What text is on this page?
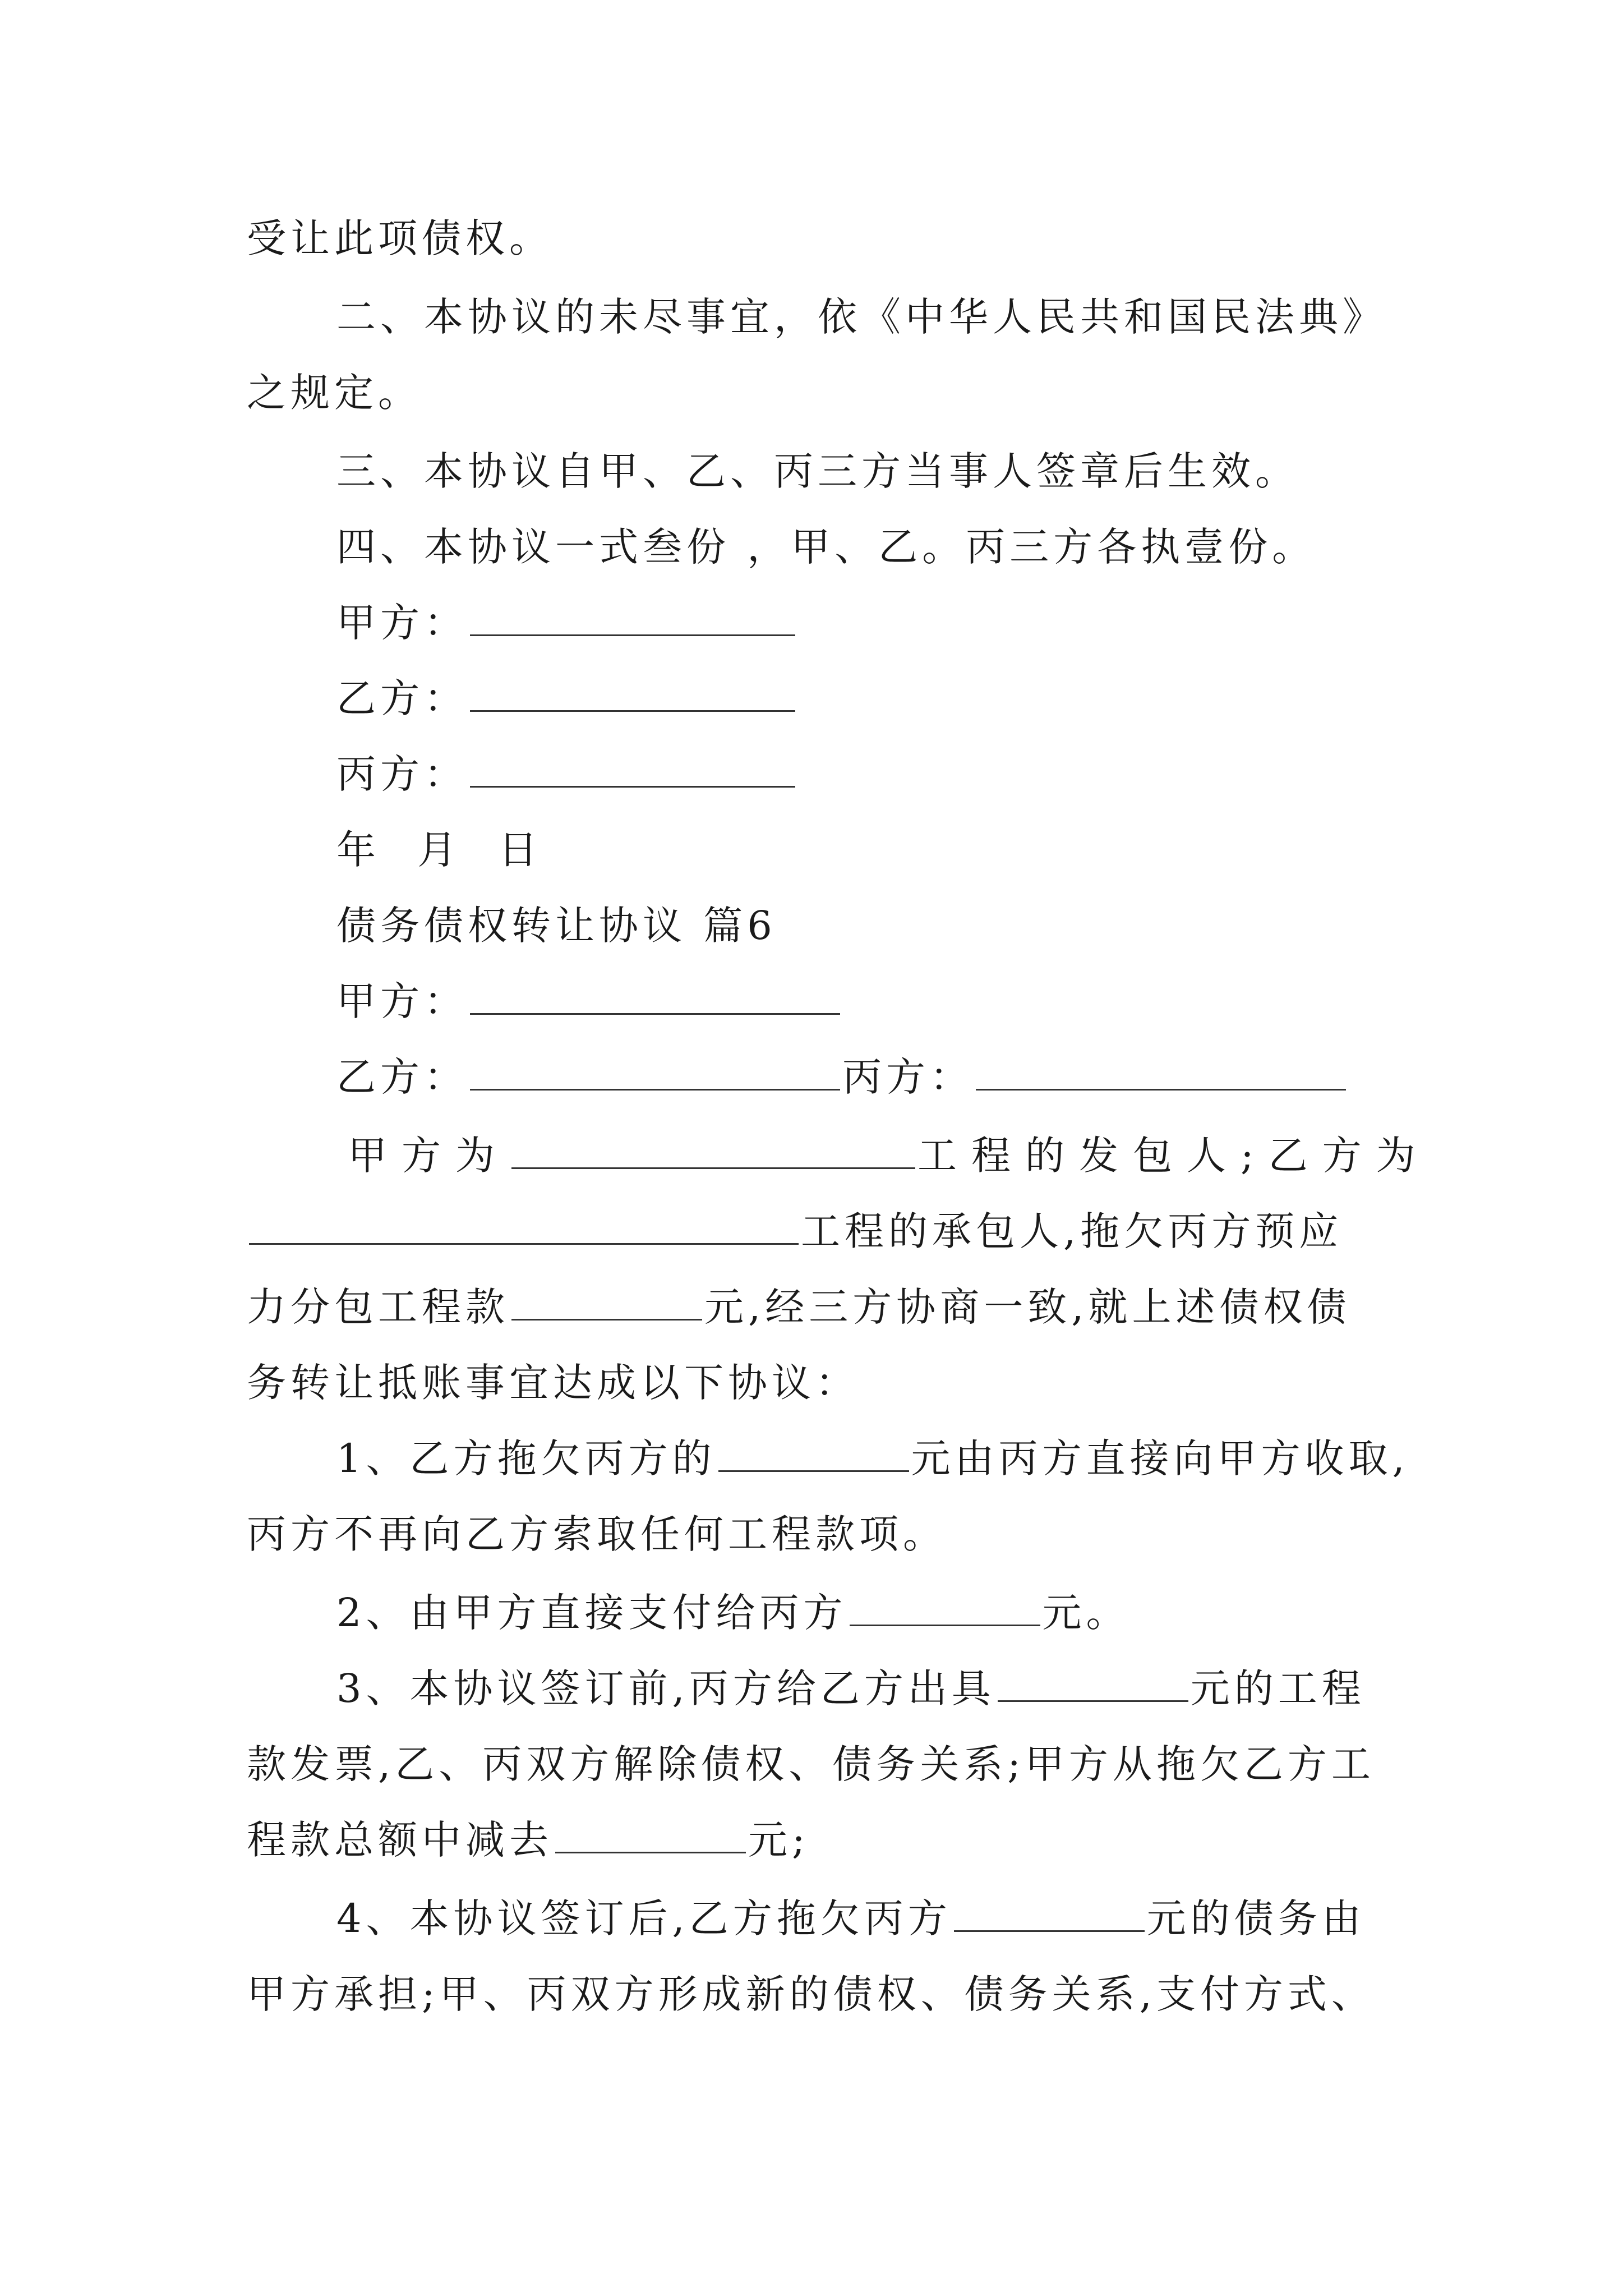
受让此项债权。
二、本协议的未尽事宜，依《中华人民共和国民法典》
之规定。
三、本协议自甲、乙、丙三方当事人签章后生效。
四、本协议一式叁份 ，甲、乙。丙三方各执壹份。
甲方：
乙方：
丙方：
年 月 日
债务债权转让协议 篇6
甲方：
乙方：	丙方：
甲方为	工程的发包人;乙方为
工程的承包人,拖欠丙方预应
力分包工程款	元,经三方协商一致,就上述债权债
务转让抵账事宜达成以下协议：
1、乙方拖欠丙方的	元由丙方直接向甲方收取,
丙方不再向乙方索取任何工程款项。
2、由甲方直接支付给丙方	元。
3、本协议签订前,丙方给乙方出具	元的工程
款发票,乙、丙双方解除债权、债务关系;甲方从拖欠乙方工
程款总额中减去	元;
4、本协议签订后,乙方拖欠丙方	元的债务由
甲方承担;甲、丙双方形成新的债权、债务关系,支付方式、
